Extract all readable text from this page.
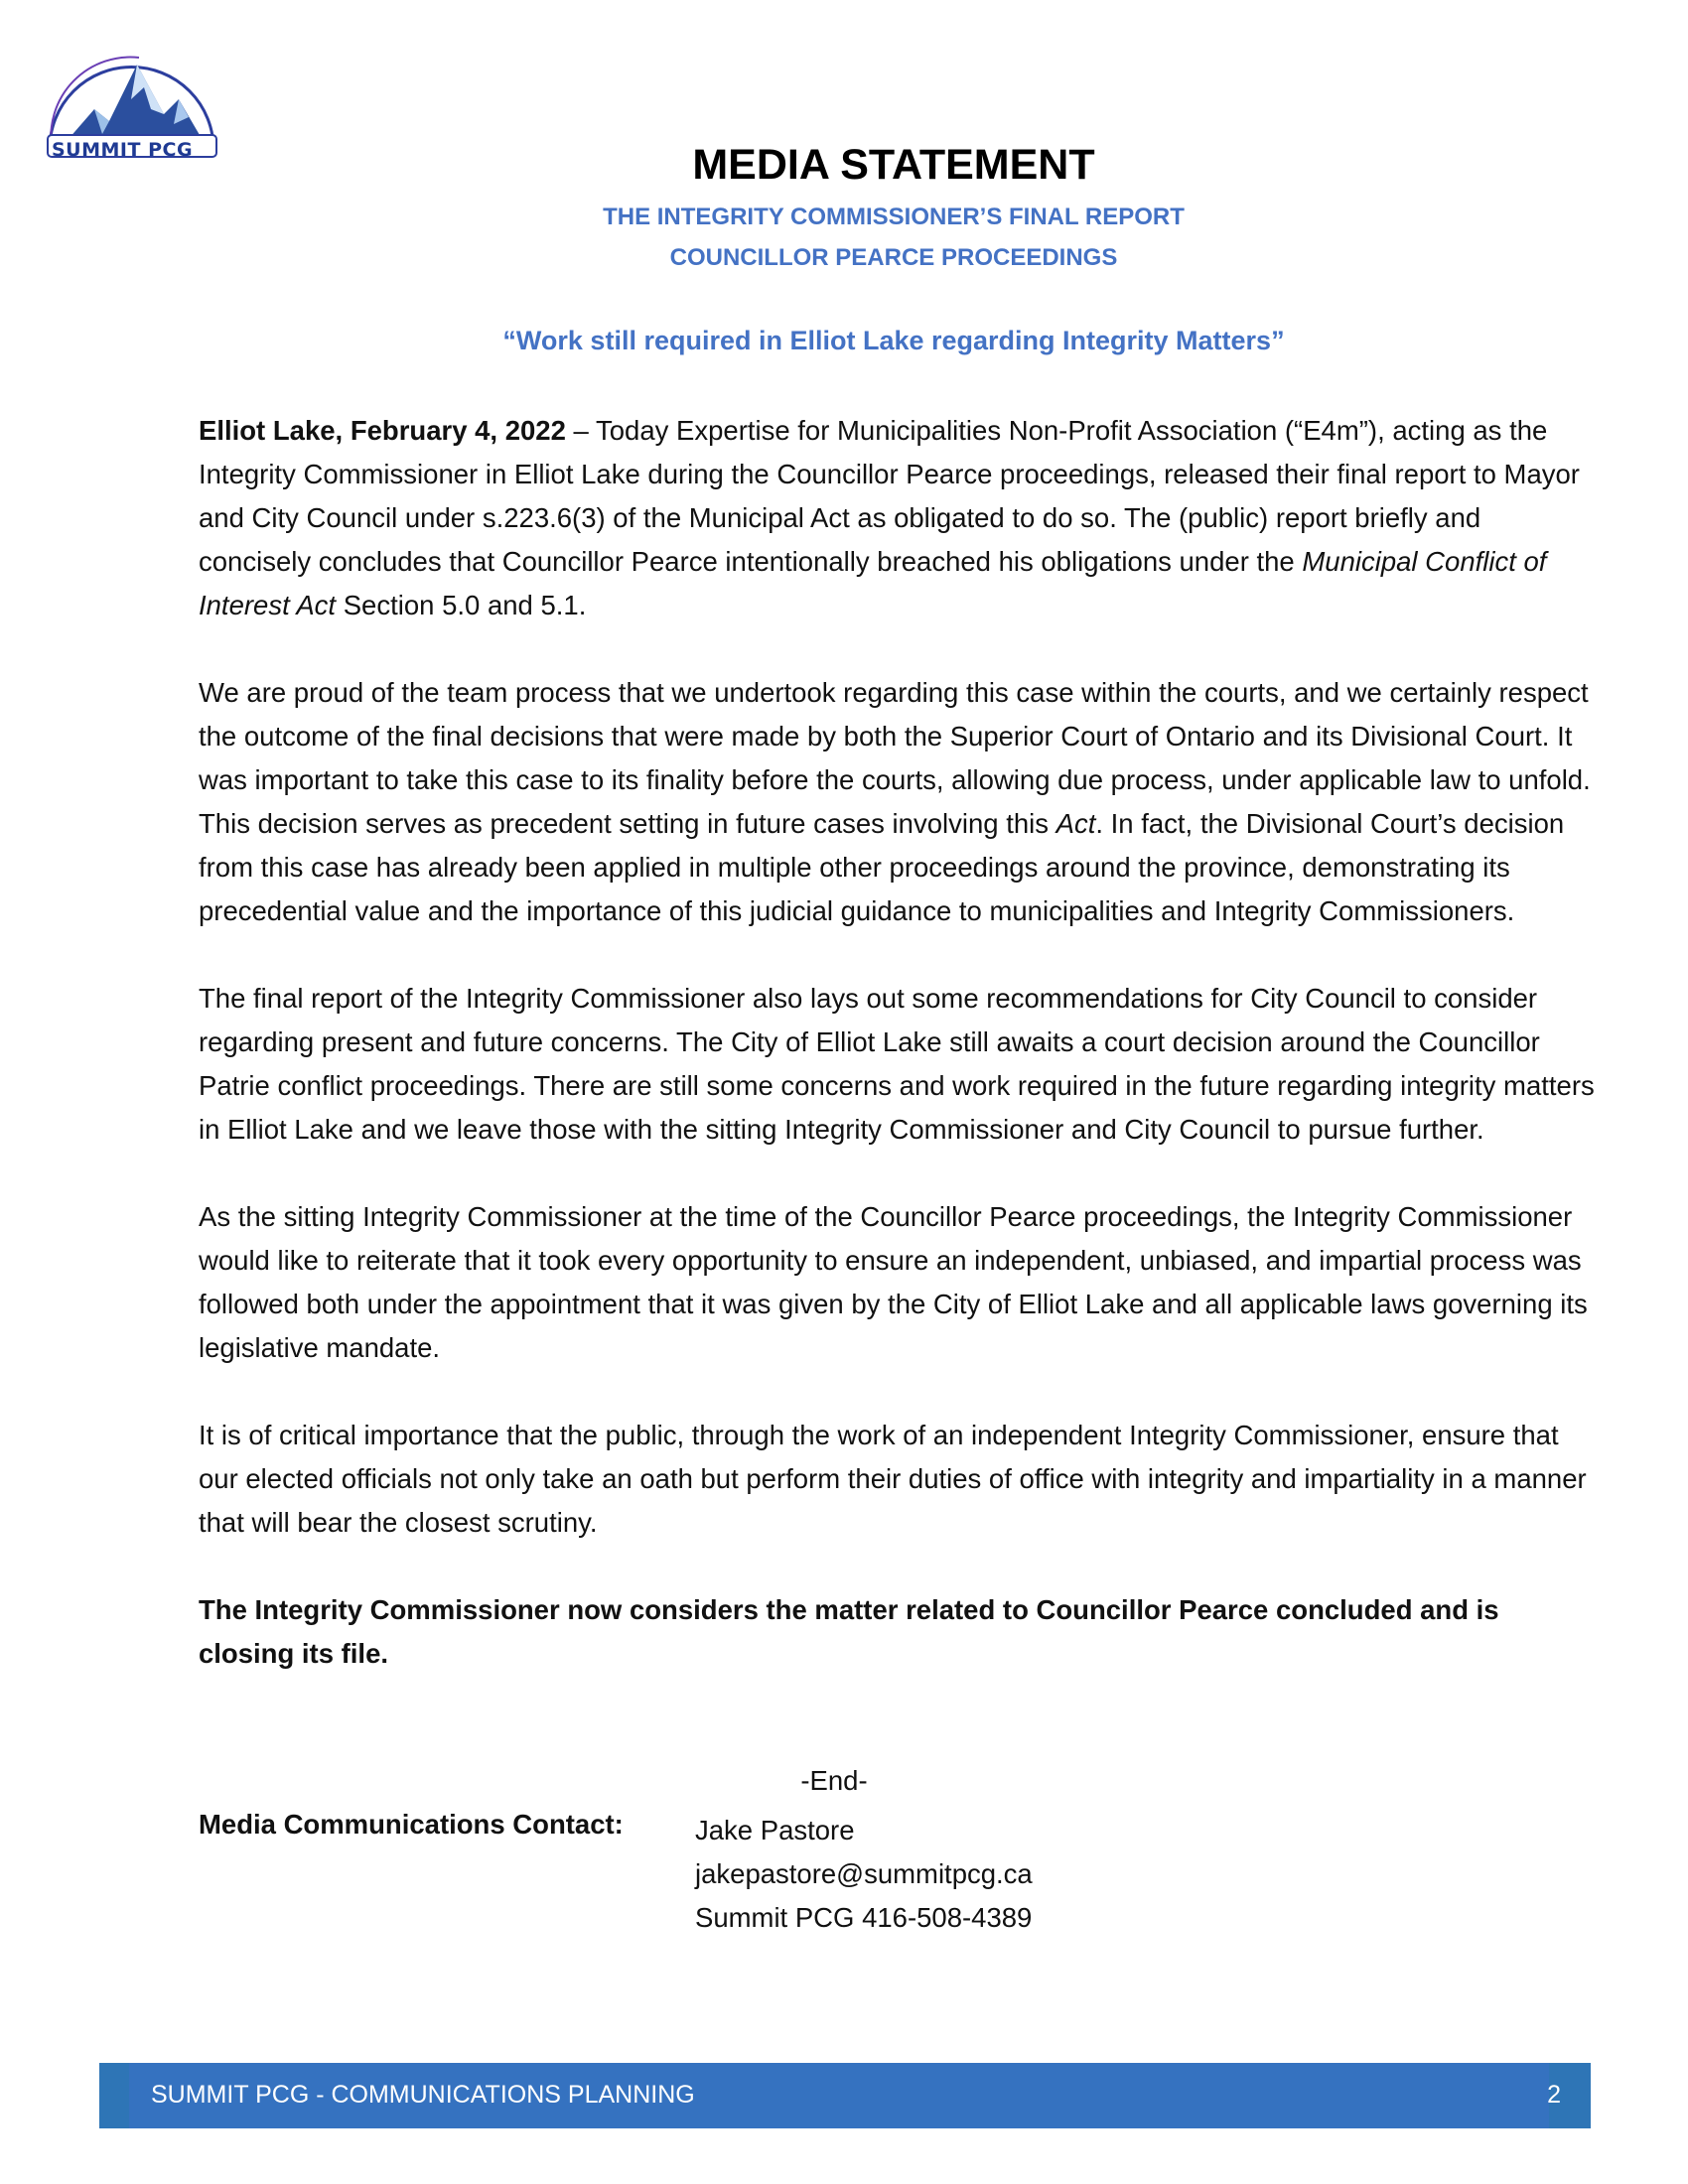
SUMMIT PCG	MEDIA STATEMENT
THE INTEGRITY COMMISSIONER’S FINAL REPORT
COUNCILLOR PEARCE PROCEEDINGS
“Work still required in Elliot Lake regarding Integrity Matters”

Elliot Lake, February 4, 2022 – Today Expertise for Municipalities Non-Profit Association (“E4m”), acting as the Integrity Commissioner in Elliot Lake during the Councillor Pearce proceedings, released their final report to Mayor and City Council under s.223.6(3) of the Municipal Act as obligated to do so. The (public) report briefly and concisely concludes that Councillor Pearce intentionally breached his obligations under the Municipal Conflict of Interest Act Section 5.0 and 5.1.

We are proud of the team process that we undertook regarding this case within the courts, and we certainly respect the outcome of the final decisions that were made by both the Superior Court of Ontario and its Divisional Court. It was important to take this case to its finality before the courts, allowing due process, under applicable law to unfold. This decision serves as precedent setting in future cases involving this Act. In fact, the Divisional Court’s decision from this case has already been applied in multiple other proceedings around the province, demonstrating its precedential value and the importance of this judicial guidance to municipalities and Integrity Commissioners.

The final report of the Integrity Commissioner also lays out some recommendations for City Council to consider regarding present and future concerns. The City of Elliot Lake still awaits a court decision around the Councillor Patrie conflict proceedings. There are still some concerns and work required in the future regarding integrity matters in Elliot Lake and we leave those with the sitting Integrity Commissioner and City Council to pursue further.

As the sitting Integrity Commissioner at the time of the Councillor Pearce proceedings, the Integrity Commissioner would like to reiterate that it took every opportunity to ensure an independent, unbiased, and impartial process was followed both under the appointment that it was given by the City of Elliot Lake and all applicable laws governing its legislative mandate.

It is of critical importance that the public, through the work of an independent Integrity Commissioner, ensure that our elected officials not only take an oath but perform their duties of office with integrity and impartiality in a manner that will bear the closest scrutiny.

The Integrity Commissioner now considers the matter related to Councillor Pearce concluded and is closing its file.

-End-
Media Communications Contact:	Jake Pastore
jakepastore@summitpcg.ca
Summit PCG 416-508-4389
SUMMIT PCG - COMMUNICATIONS PLANNING	2
